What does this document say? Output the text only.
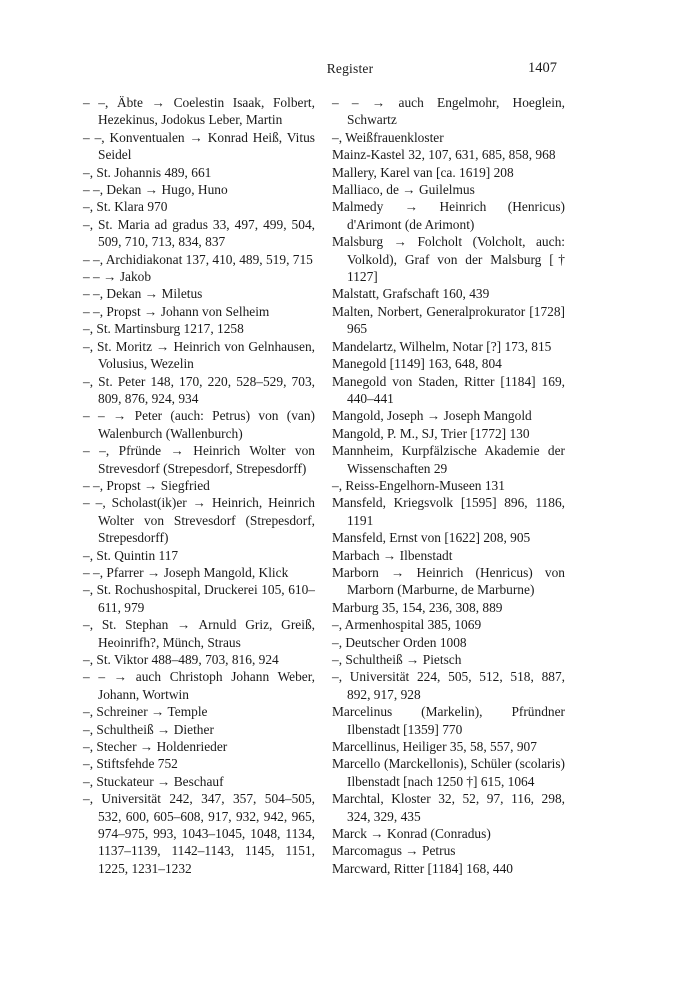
Register	1407

– –, Äbte → Coelestin Isaak, Folbert, Hezekinus, Jodokus Leber, Martin

– –, Konventualen → Konrad Heiß, Vitus Seidel

–, St. Johannis 489, 661

– –, Dekan → Hugo, Huno

–, St. Klara 970

–, St. Maria ad gradus 33, 497, 499, 504, 509, 710, 713, 834, 837

– –, Archidiakonat 137, 410, 489, 519, 715

– – → Jakob

– –, Dekan → Miletus

– –, Propst → Johann von Selheim

–, St. Martinsburg 1217, 1258

–, St. Moritz → Heinrich von Gelnhausen, Volusius, Wezelin

–, St. Peter 148, 170, 220, 528–529, 703, 809, 876, 924, 934

– – → Peter (auch: Petrus) von (van) Walenburch (Wallenburch)

– –, Pfründe → Heinrich Wolter von Strevesdorf (Strepesdorf, Strepesdorff)

– –, Propst → Siegfried

– –, Scholast(ik)er → Heinrich, Heinrich Wolter von Strevesdorf (Strepesdorf, Strepesdorff)

–, St. Quintin 117

– –, Pfarrer → Joseph Mangold, Klick

–, St. Rochushospital, Druckerei 105, 610–611, 979

–, St. Stephan → Arnuld Griz, Greiß, Heoinrifh?, Münch, Straus

–, St. Viktor 488–489, 703, 816, 924

– – → auch Christoph Johann Weber, Johann, Wortwin

–, Schreiner → Temple

–, Schultheiß → Diether

–, Stecher → Holdenrieder

–, Stiftsfehde 752

–, Stuckateur → Beschauf

–, Universität 242, 347, 357, 504–505, 532, 600, 605–608, 917, 932, 942, 965, 974–975, 993, 1043–1045, 1048, 1134, 1137–1139, 1142–1143, 1145, 1151, 1225, 1231–1232

– – → auch Engelmohr, Hoeglein, Schwartz

–, Weißfrauenkloster

Mainz-Kastel 32, 107, 631, 685, 858, 968

Mallery, Karel van [ca. 1619] 208

Malliaco, de → Guilelmus

Malmedy → Heinrich (Henricus) d'Arimont (de Arimont)

Malsburg → Folcholt (Volcholt, auch: Volkold), Graf von der Malsburg [† 1127]

Malstatt, Grafschaft 160, 439

Malten, Norbert, Generalprokurator [1728] 965

Mandelartz, Wilhelm, Notar [?] 173, 815

Manegold [1149] 163, 648, 804

Manegold von Staden, Ritter [1184] 169, 440–441

Mangold, Joseph → Joseph Mangold

Mangold, P. M., SJ, Trier [1772] 130

Mannheim, Kurpfälzische Akademie der Wissenschaften 29

–, Reiss-Engelhorn-Museen 131

Mansfeld, Kriegsvolk [1595] 896, 1186, 1191

Mansfeld, Ernst von [1622] 208, 905

Marbach → Ilbenstadt

Marborn → Heinrich (Henricus) von Marborn (Marburne, de Marburne)

Marburg 35, 154, 236, 308, 889

–, Armenhospital 385, 1069

–, Deutscher Orden 1008

–, Schultheiß → Pietsch

–, Universität 224, 505, 512, 518, 887, 892, 917, 928

Marcelinus (Markelin), Pfründner Ilbenstadt [1359] 770

Marcellinus, Heiliger 35, 58, 557, 907

Marcello (Marckellonis), Schüler (scolaris) Ilbenstadt [nach 1250 †] 615, 1064

Marchtal, Kloster 32, 52, 97, 116, 298, 324, 329, 435

Marck → Konrad (Conradus)

Marcomagus → Petrus

Marcward, Ritter [1184] 168, 440
